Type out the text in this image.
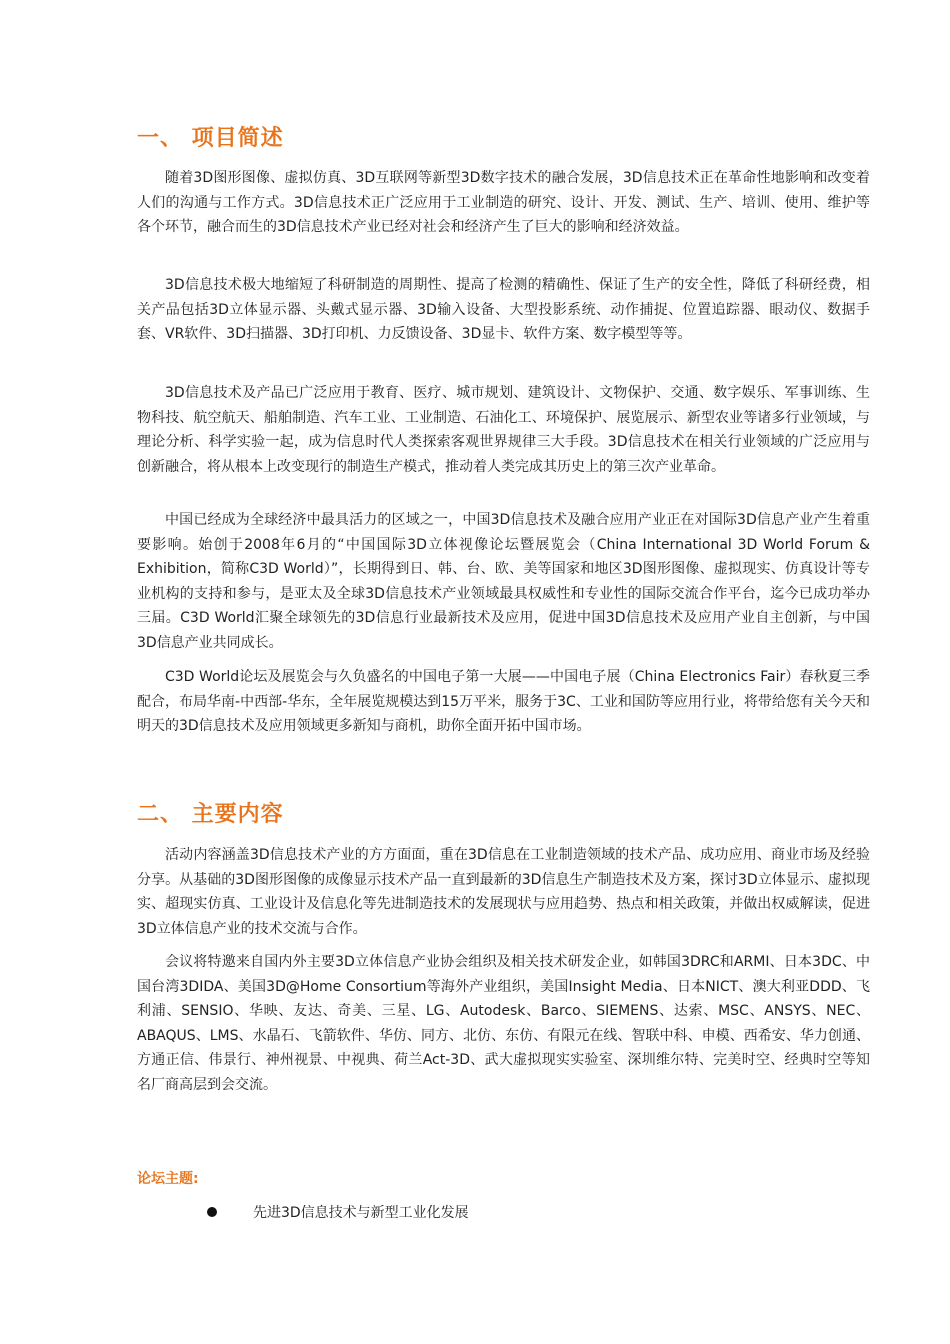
一、 项目简述

随着3D图形图像、虚拟仿真、3D互联网等新型3D数字技术的融合发展，3D信息技术正在革命性地影响和改变着人们的沟通与工作方式。3D信息技术正广泛应用于工业制造的研究、设计、开发、测试、生产、培训、使用、维护等各个环节，融合而生的3D信息技术产业已经对社会和经济产生了巨大的影响和经济效益。

3D信息技术极大地缩短了科研制造的周期性、提高了检测的精确性、保证了生产的安全性，降低了科研经费，相关产品包括3D立体显示器、头戴式显示器、3D输入设备、大型投影系统、动作捕捉、位置追踪器、眼动仪、数据手套、VR软件、3D扫描器、3D打印机、力反馈设备、3D显卡、软件方案、数字模型等等。

3D信息技术及产品已广泛应用于教育、医疗、城市规划、建筑设计、文物保护、交通、数字娱乐、军事训练、生物科技、航空航天、船舶制造、汽车工业、工业制造、石油化工、环境保护、展览展示、新型农业等诸多行业领域，与理论分析、科学实验一起，成为信息时代人类探索客观世界规律三大手段。3D信息技术在相关行业领域的广泛应用与创新融合，将从根本上改变现行的制造生产模式，推动着人类完成其历史上的第三次产业革命。

中国已经成为全球经济中最具活力的区域之一，中国3D信息技术及融合应用产业正在对国际3D信息产业产生着重要影响。始创于2008年6月的“中国国际3D立体视像论坛暨展览会（China International 3D World Forum & Exhibition，简称C3D World）”，长期得到日、韩、台、欧、美等国家和地区3D图形图像、虚拟现实、仿真设计等专业机构的支持和参与，是亚太及全球3D信息技术产业领域最具权威性和专业性的国际交流合作平台，迄今已成功举办三届。C3D World汇聚全球领先的3D信息行业最新技术及应用，促进中国3D信息技术及应用产业自主创新，与中国3D信息产业共同成长。

C3D World论坛及展览会与久负盛名的中国电子第一大展——中国电子展（China Electronics Fair）春秋夏三季配合，布局华南-中西部-华东，全年展览规模达到15万平米，服务于3C、工业和国防等应用行业，将带给您有关今天和明天的3D信息技术及应用领域更多新知与商机，助你全面开拓中国市场。

二、 主要内容

活动内容涵盖3D信息技术产业的方方面面，重在3D信息在工业制造领域的技术产品、成功应用、商业市场及经验分享。从基础的3D图形图像的成像显示技术产品一直到最新的3D信息生产制造技术及方案，探讨3D立体显示、虚拟现实、超现实仿真、工业设计及信息化等先进制造技术的发展现状与应用趋势、热点和相关政策，并做出权威解读，促进3D立体信息产业的技术交流与合作。

会议将特邀来自国内外主要3D立体信息产业协会组织及相关技术研发企业，如韩国3DRC和ARMI、日本3DC、中国台湾3DIDA、美国3D@Home Consortium等海外产业组织，美国Insight Media、日本NICT、澳大利亚DDD、飞利浦、SENSIO、华映、友达、奇美、三星、LG、Autodesk、Barco、SIEMENS、达索、MSC、ANSYS、NEC、ABAQUS、LMS、水晶石、飞箭软件、华仿、同方、北仿、东仿、有限元在线、智联中科、申模、西希安、华力创通、方通正信、伟景行、神州视景、中视典、荷兰Act-3D、武大虚拟现实实验室、深圳维尔特、完美时空、经典时空等知名厂商高层到会交流。

论坛主题:
先进3D信息技术与新型工业化发展
